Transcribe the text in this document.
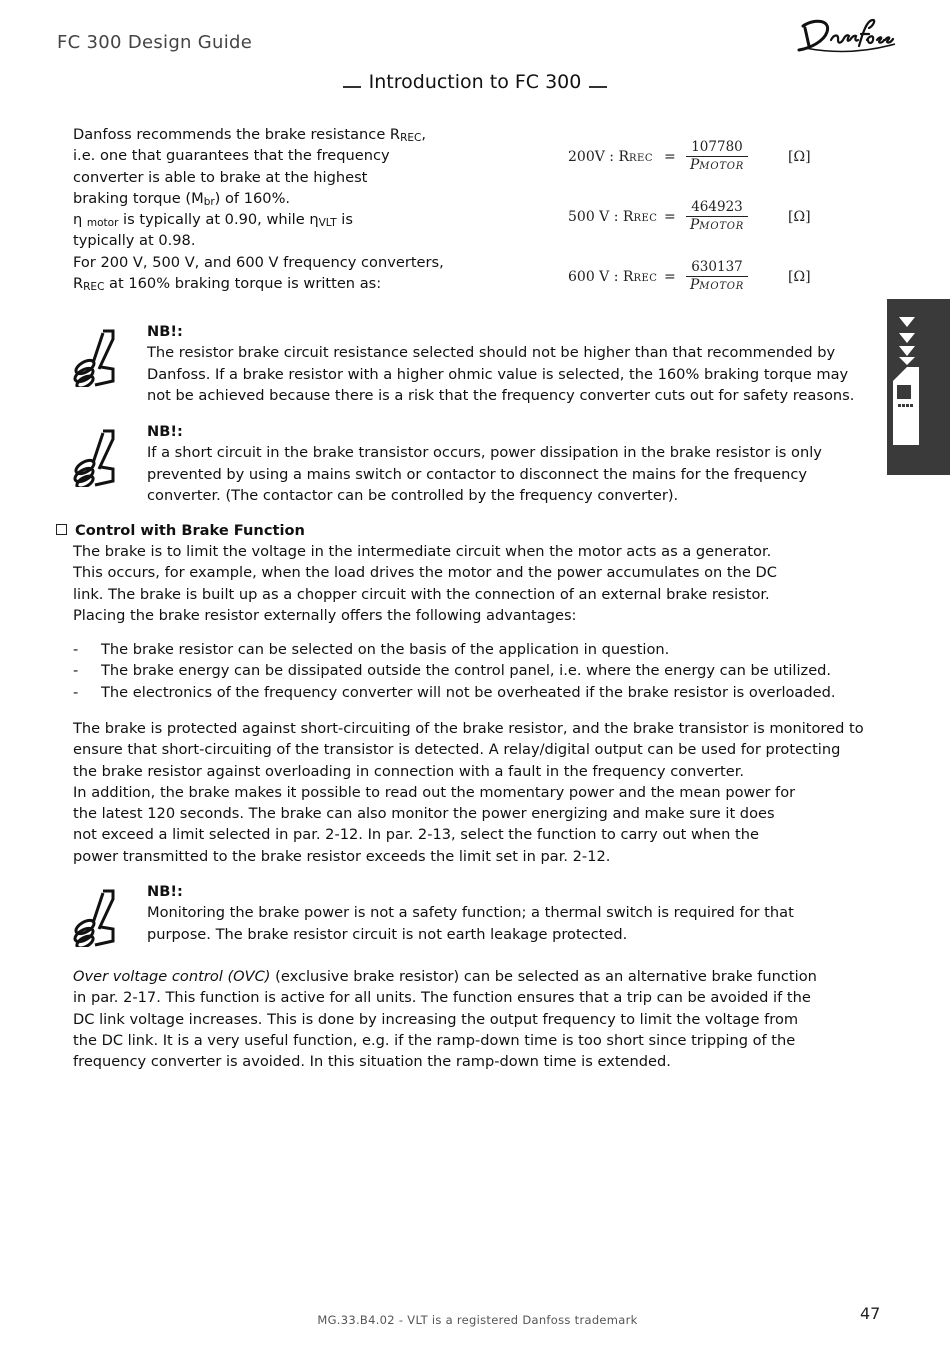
FC 300 Design Guide
Introduction to FC 300

Danfoss recommends the brake resistance $R_{REC}$,

i.e. one that guarantees that the frequency

converter is able to brake at the highest

braking torque $(M_{br})$ of 160%.

η $_{motor}$ is typically at 0.90, while $\eta_{VLT}$ is

typically at 0.98.

For 200 V, 500 V, and 600 V frequency converters,

$R_{REC}$ at 160% braking torque is written as:

200V : RREC =
107780
PMOTOR
[Ω]
500 V : RREC =
464923
PMOTOR
[Ω]
600 V : RREC =
630137
PMOTOR
[Ω]

NB!:

The resistor brake circuit resistance selected should not be higher than that recommended by

Danfoss. If a brake resistor with a higher ohmic value is selected, the 160% braking torque may

not be achieved because there is a risk that the frequency converter cuts out for safety reasons.

NB!:

If a short circuit in the brake transistor occurs, power dissipation in the brake resistor is only

prevented by using a mains switch or contactor to disconnect the mains for the frequency

converter. (The contactor can be controlled by the frequency converter).

Control with Brake Function

The brake is to limit the voltage in the intermediate circuit when the motor acts as a generator.

This occurs, for example, when the load drives the motor and the power accumulates on the DC

link. The brake is built up as a chopper circuit with the connection of an external brake resistor.

Placing the brake resistor externally offers the following advantages:

- The brake resistor can be selected on the basis of the application in question.
- The brake energy can be dissipated outside the control panel, i.e. where the energy can be utilized.
- The electronics of the frequency converter will not be overheated if the brake resistor is overloaded.

The brake is protected against short-circuiting of the brake resistor, and the brake transistor is monitored to

ensure that short-circuiting of the transistor is detected. A relay/digital output can be used for protecting

the brake resistor against overloading in connection with a fault in the frequency converter.

In addition, the brake makes it possible to read out the momentary power and the mean power for

the latest 120 seconds. The brake can also monitor the power energizing and make sure it does

not exceed a limit selected in par. 2-12. In par. 2-13, select the function to carry out when the

power transmitted to the brake resistor exceeds the limit set in par. 2-12.

NB!:

Monitoring the brake power is not a safety function; a thermal switch is required for that

purpose. The brake resistor circuit is not earth leakage protected.

Over voltage control (OVC) (exclusive brake resistor) can be selected as an alternative brake function

in par. 2-17. This function is active for all units. The function ensures that a trip can be avoided if the

DC link voltage increases. This is done by increasing the output frequency to limit the voltage from

the DC link. It is a very useful function, e.g. if the ramp-down time is too short since tripping of the

frequency converter is avoided. In this situation the ramp-down time is extended.

MG.33.B4.02 - VLT is a registered Danfoss trademark	47
